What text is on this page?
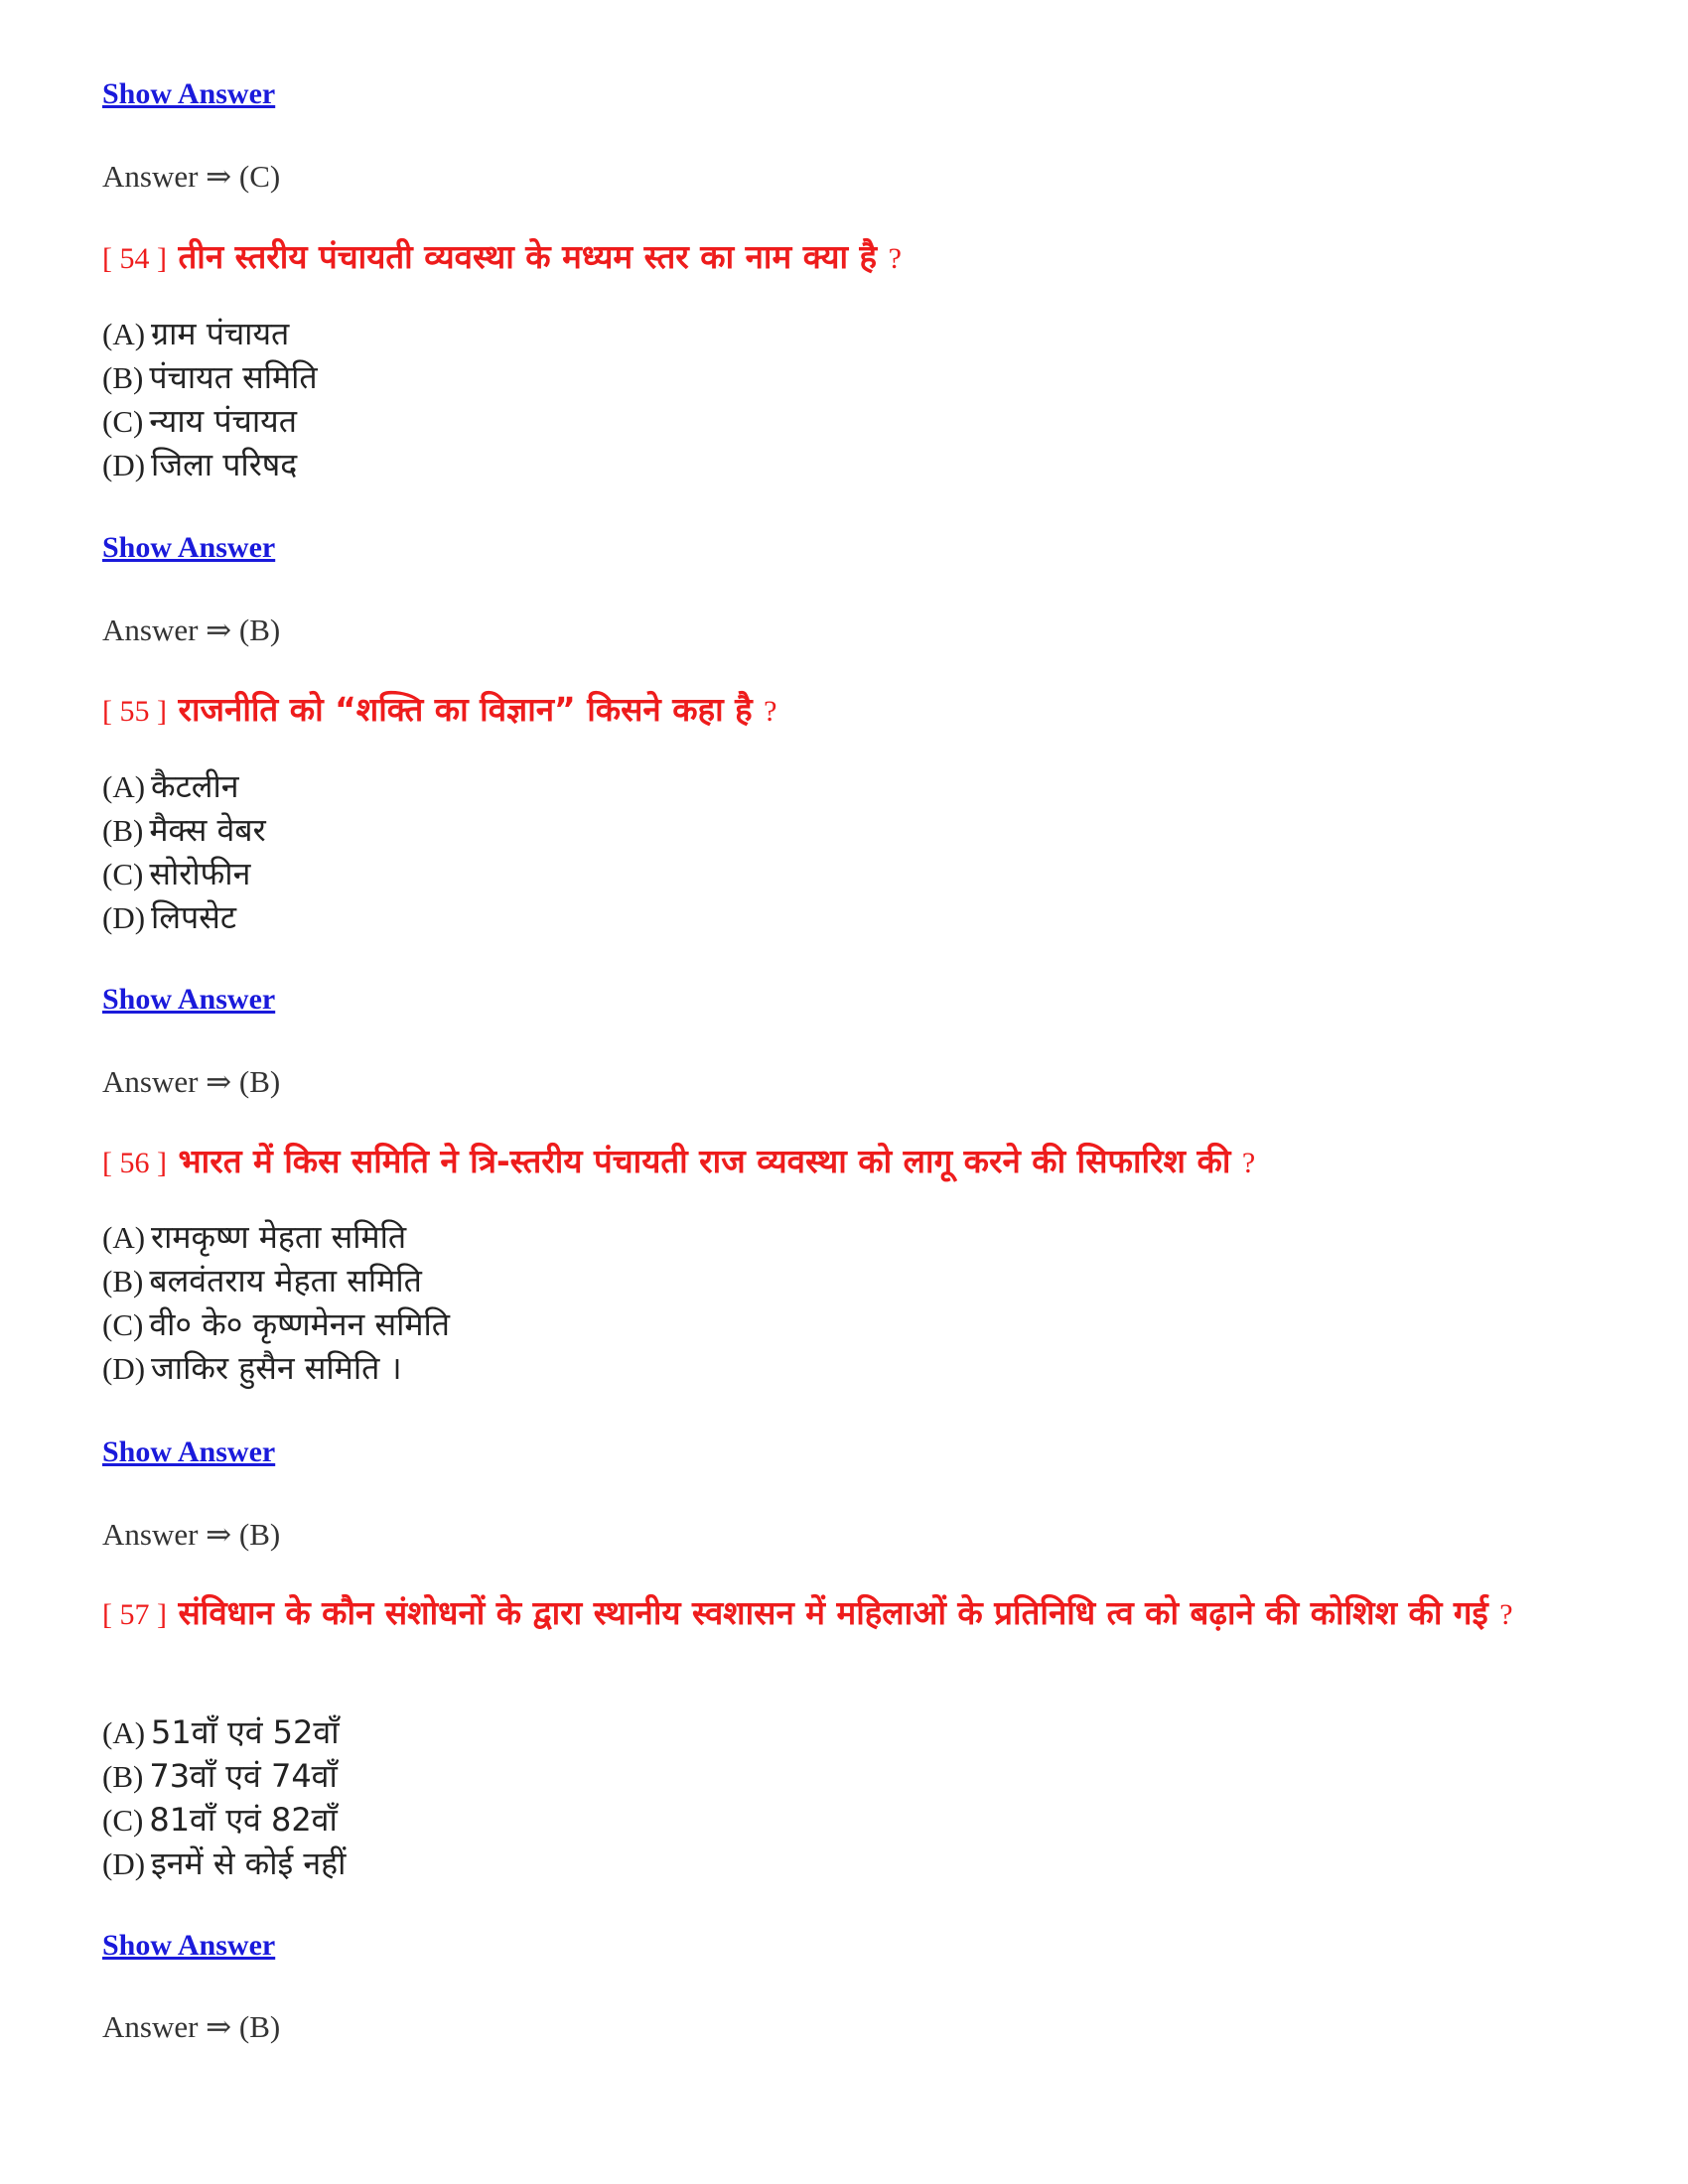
Show Answer
Answer ⇒ (C)
[ 54 ] तीन स्तरीय पंचायती व्यवस्था के मध्यम स्तर का नाम क्या है ?
(A) ग्राम पंचायत
(B) पंचायत समिति
(C) न्याय पंचायत
(D) जिला परिषद
Show Answer
Answer ⇒ (B)
[ 55 ] राजनीति को “शक्ति का विज्ञान” किसने कहा है ?
(A) कैटलीन
(B) मैक्स वेबर
(C) सोरोफीन
(D) लिपसेट
Show Answer
Answer ⇒ (B)
[ 56 ] भारत में किस समिति ने त्रि-स्तरीय पंचायती राज व्यवस्था को लागू करने की सिफारिश की ?
(A) रामकृष्ण मेहता समिति
(B) बलवंतराय मेहता समिति
(C) वी० के० कृष्णमेनन समिति
(D) जाकिर हुसैन समिति ।
Show Answer
Answer ⇒ (B)
[ 57 ] संविधान के कौन संशोधनों के द्वारा स्थानीय स्वशासन में महिलाओं के प्रतिनिधि त्व को बढ़ाने की कोशिश की गई ?
(A) 51वाँ एवं 52वाँ
(B) 73वाँ एवं 74वाँ
(C) 81वाँ एवं 82वाँ
(D) इनमें से कोई नहीं
Show Answer
Answer ⇒ (B)
